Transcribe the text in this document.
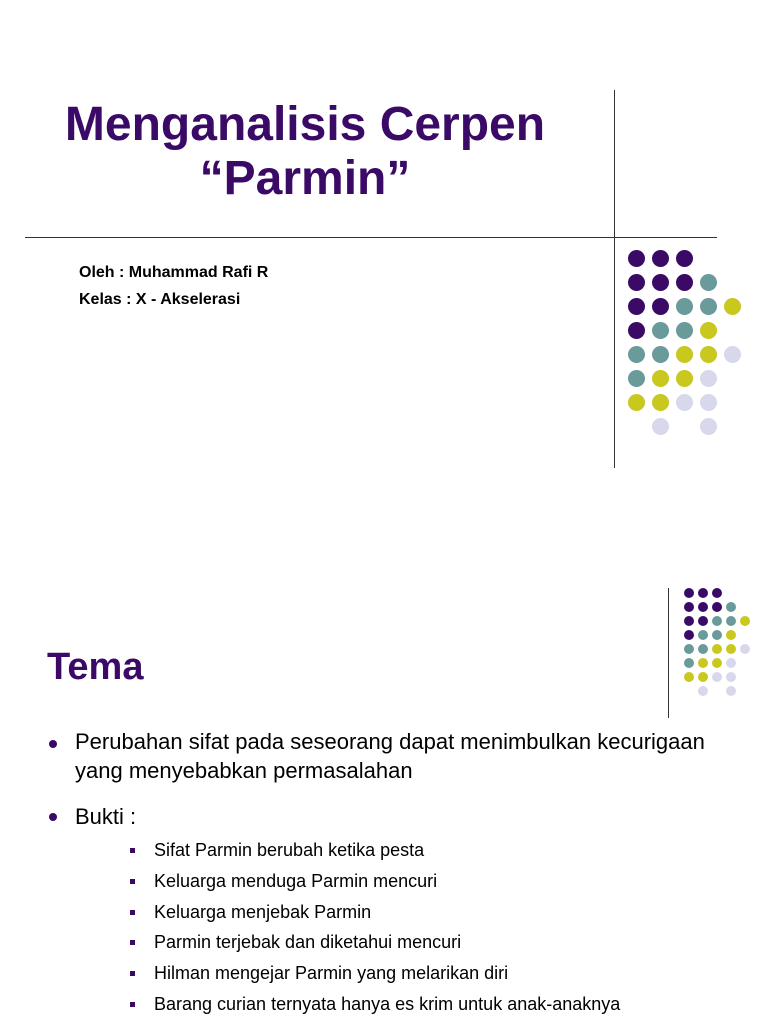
Menganalisis Cerpen
“Parmin”
Oleh : Muhammad Rafi R
Kelas : X - Akselerasi
Tema
Perubahan sifat pada seseorang dapat menimbulkan kecurigaan yang menyebabkan permasalahan
Bukti :
Sifat Parmin berubah ketika pesta
Keluarga menduga Parmin mencuri
Keluarga menjebak Parmin
Parmin terjebak dan diketahui mencuri
Hilman mengejar Parmin yang melarikan diri
Barang curian ternyata hanya es krim untuk anak-anaknya
